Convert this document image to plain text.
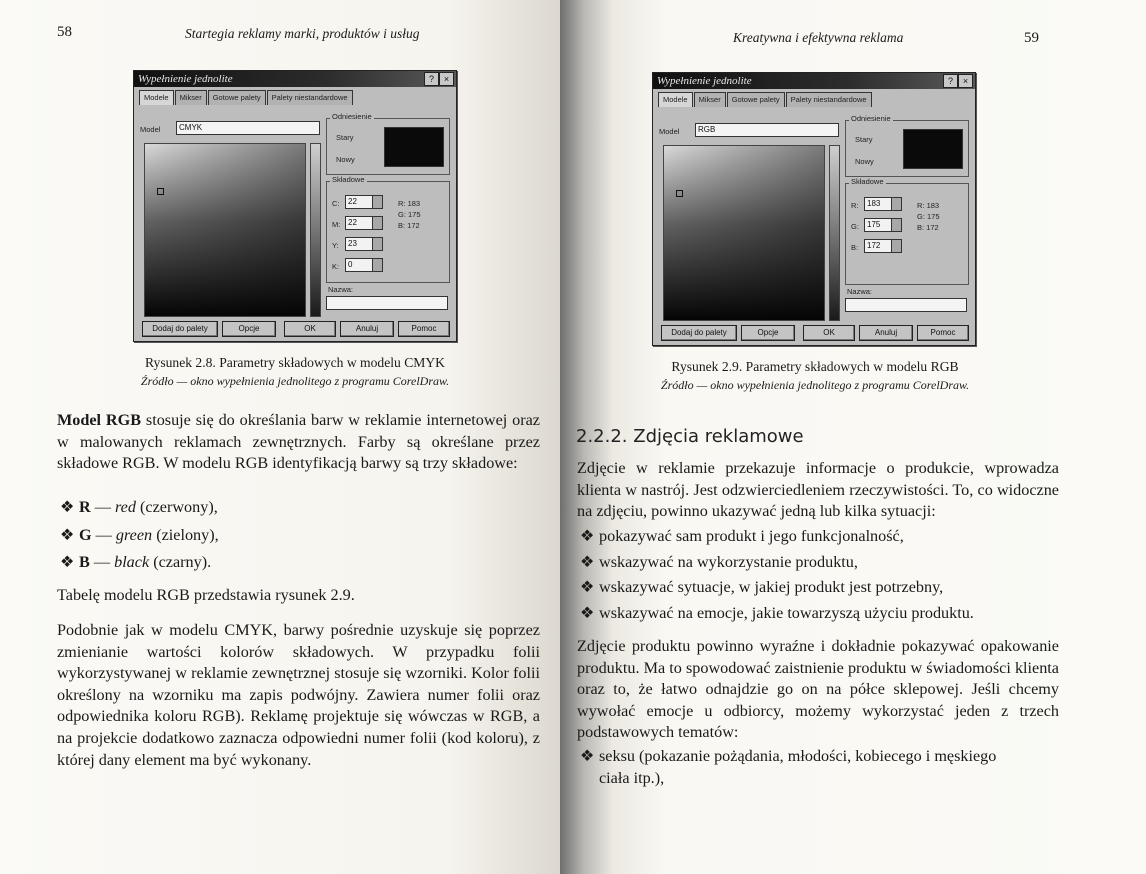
58	Startegia reklamy marki, produktów i usług
Wypełnienie jednolite	?	×
Modele	Mikser	Gotowe palety	Palety niestandardowe
Model	CMYK
Odniesienie
Stary
Nowy
Składowe
C:	22
M: 22
Y:	23
K:	0
R: 183
G: 175
B: 172
Nazwa:
Dodaj do palety	Opcje	OK	Anuluj	Pomoc
Rysunek 2.8. Parametry składowych w modelu CMYK
Źródło — okno wypełnienia jednolitego z programu CorelDraw.

Model RGB stosuje się do określania barw w reklamie internetowej oraz w malowanych reklamach zewnętrznych. Farby są określane przez składowe RGB. W modelu RGB identyfikacją barwy są trzy składowe:

❖ R — red (czerwony),
❖ G — green (zielony),
❖ B — black (czarny).

Tabelę modelu RGB przedstawia rysunek 2.9.

Podobnie jak w modelu CMYK, barwy pośrednie uzyskuje się poprzez zmienianie wartości kolorów składowych. W przypadku folii wykorzystywanej w reklamie zewnętrznej stosuje się wzorniki. Kolor folii określony na wzorniku ma zapis podwójny. Zawiera numer folii oraz odpowiednika koloru RGB). Reklamę projektuje się wówczas w RGB, a na projekcie dodatkowo zaznacza odpowiedni numer folii (kod koloru), z której dany element ma być wykonany.

Kreatywna i efektywna reklama	59
Wypełnienie jednolite	?	×
Modele	Mikser	Gotowe palety	Palety niestandardowe
Model	RGB
Odniesienie
Stary
Nowy
Składowe
R:	183
G:	175
B:	172
R: 183
G: 175
B: 172
Nazwa:
Dodaj do palety	Opcje	OK	Anuluj	Pomoc
Rysunek 2.9. Parametry składowych w modelu RGB
Źródło — okno wypełnienia jednolitego z programu CorelDraw.
2.2.2. Zdjęcia reklamowe

Zdjęcie w reklamie przekazuje informacje o produkcie, wprowadza klienta w nastrój. Jest odzwierciedleniem rzeczywistości. To, co widoczne na zdjęciu, powinno ukazywać jedną lub kilka sytuacji:

❖ pokazywać sam produkt i jego funkcjonalność,
❖ wskazywać na wykorzystanie produktu,
❖ wskazywać sytuacje, w jakiej produkt jest potrzebny,
❖ wskazywać na emocje, jakie towarzyszą użyciu produktu.

Zdjęcie produktu powinno wyraźne i dokładnie pokazywać opakowanie produktu. Ma to spowodować zaistnienie produktu w świadomości klienta oraz to, że łatwo odnajdzie go on na półce sklepowej. Jeśli chcemy wywołać emocje u odbiorcy, możemy wykorzystać jeden z trzech podstawowych tematów:

❖ seksu (pokazanie pożądania, młodości, kobiecego i męskiego ciała itp.),
